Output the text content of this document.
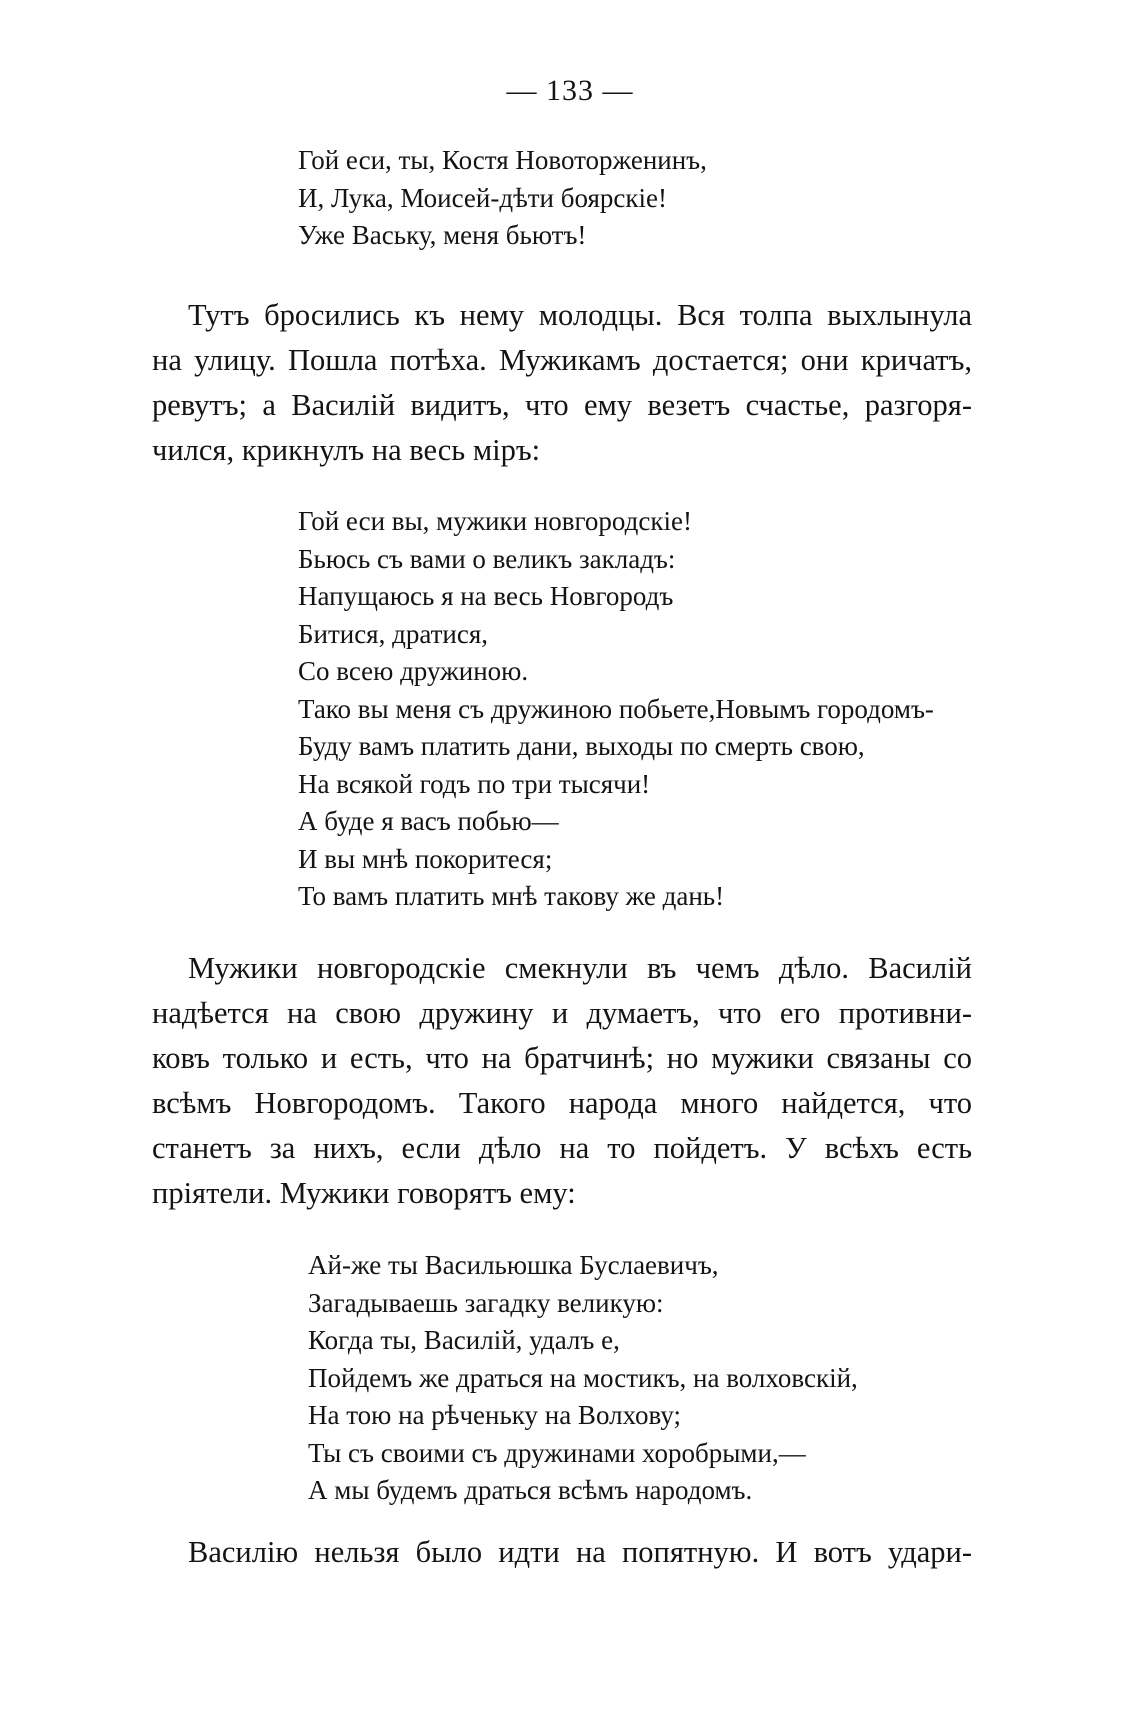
— 133 —
Гой еси, ты, Костя Новоторженинъ,
И, Лука, Моисей-дѣти боярскіе!
Уже Ваську, меня бьютъ!
Тутъ бросились къ нему молодцы. Вся толпа выхлынула
на улицу. Пошла потѣха. Мужикамъ достается; они кричатъ,
ревутъ; а Василій видитъ, что ему везетъ счастье, разгоря-
чился, крикнулъ на весь міръ:
Гой еси вы, мужики новгородскіе!
Бьюсь съ вами о великъ закладъ:
Напущаюсь я на весь Новгородъ
Битися, дратися,
Со всею дружиною.
Тако вы меня съ дружиною побьете,Новымъ городомъ-
Буду вамъ платить дани, выходы по смерть свою,
На всякой годъ по три тысячи!
А буде я васъ побью—
И вы мнѣ покоритеся;
То вамъ платить мнѣ такову же дань!
Мужики новгородскіе смекнули въ чемъ дѣло. Василій
надѣется на свою дружину и думаетъ, что его противни-
ковъ только и есть, что на братчинѣ; но мужики связаны со
всѣмъ Новгородомъ. Такого народа много найдется, что
станетъ за нихъ, если дѣло на то пойдетъ. У всѣхъ есть
пріятели. Мужики говорятъ ему:
Ай-же ты Васильюшка Буслаевичъ,
Загадываешь загадку великую:
Когда ты, Василій, удалъ е,
Пойдемъ же драться на мостикъ, на волховскій,
На тою на рѣченьку на Волхову;
Ты съ своими съ дружинами хоробрыми,—
А мы будемъ драться всѣмъ народомъ.
Василію нельзя было идти на попятную. И вотъ удари-
